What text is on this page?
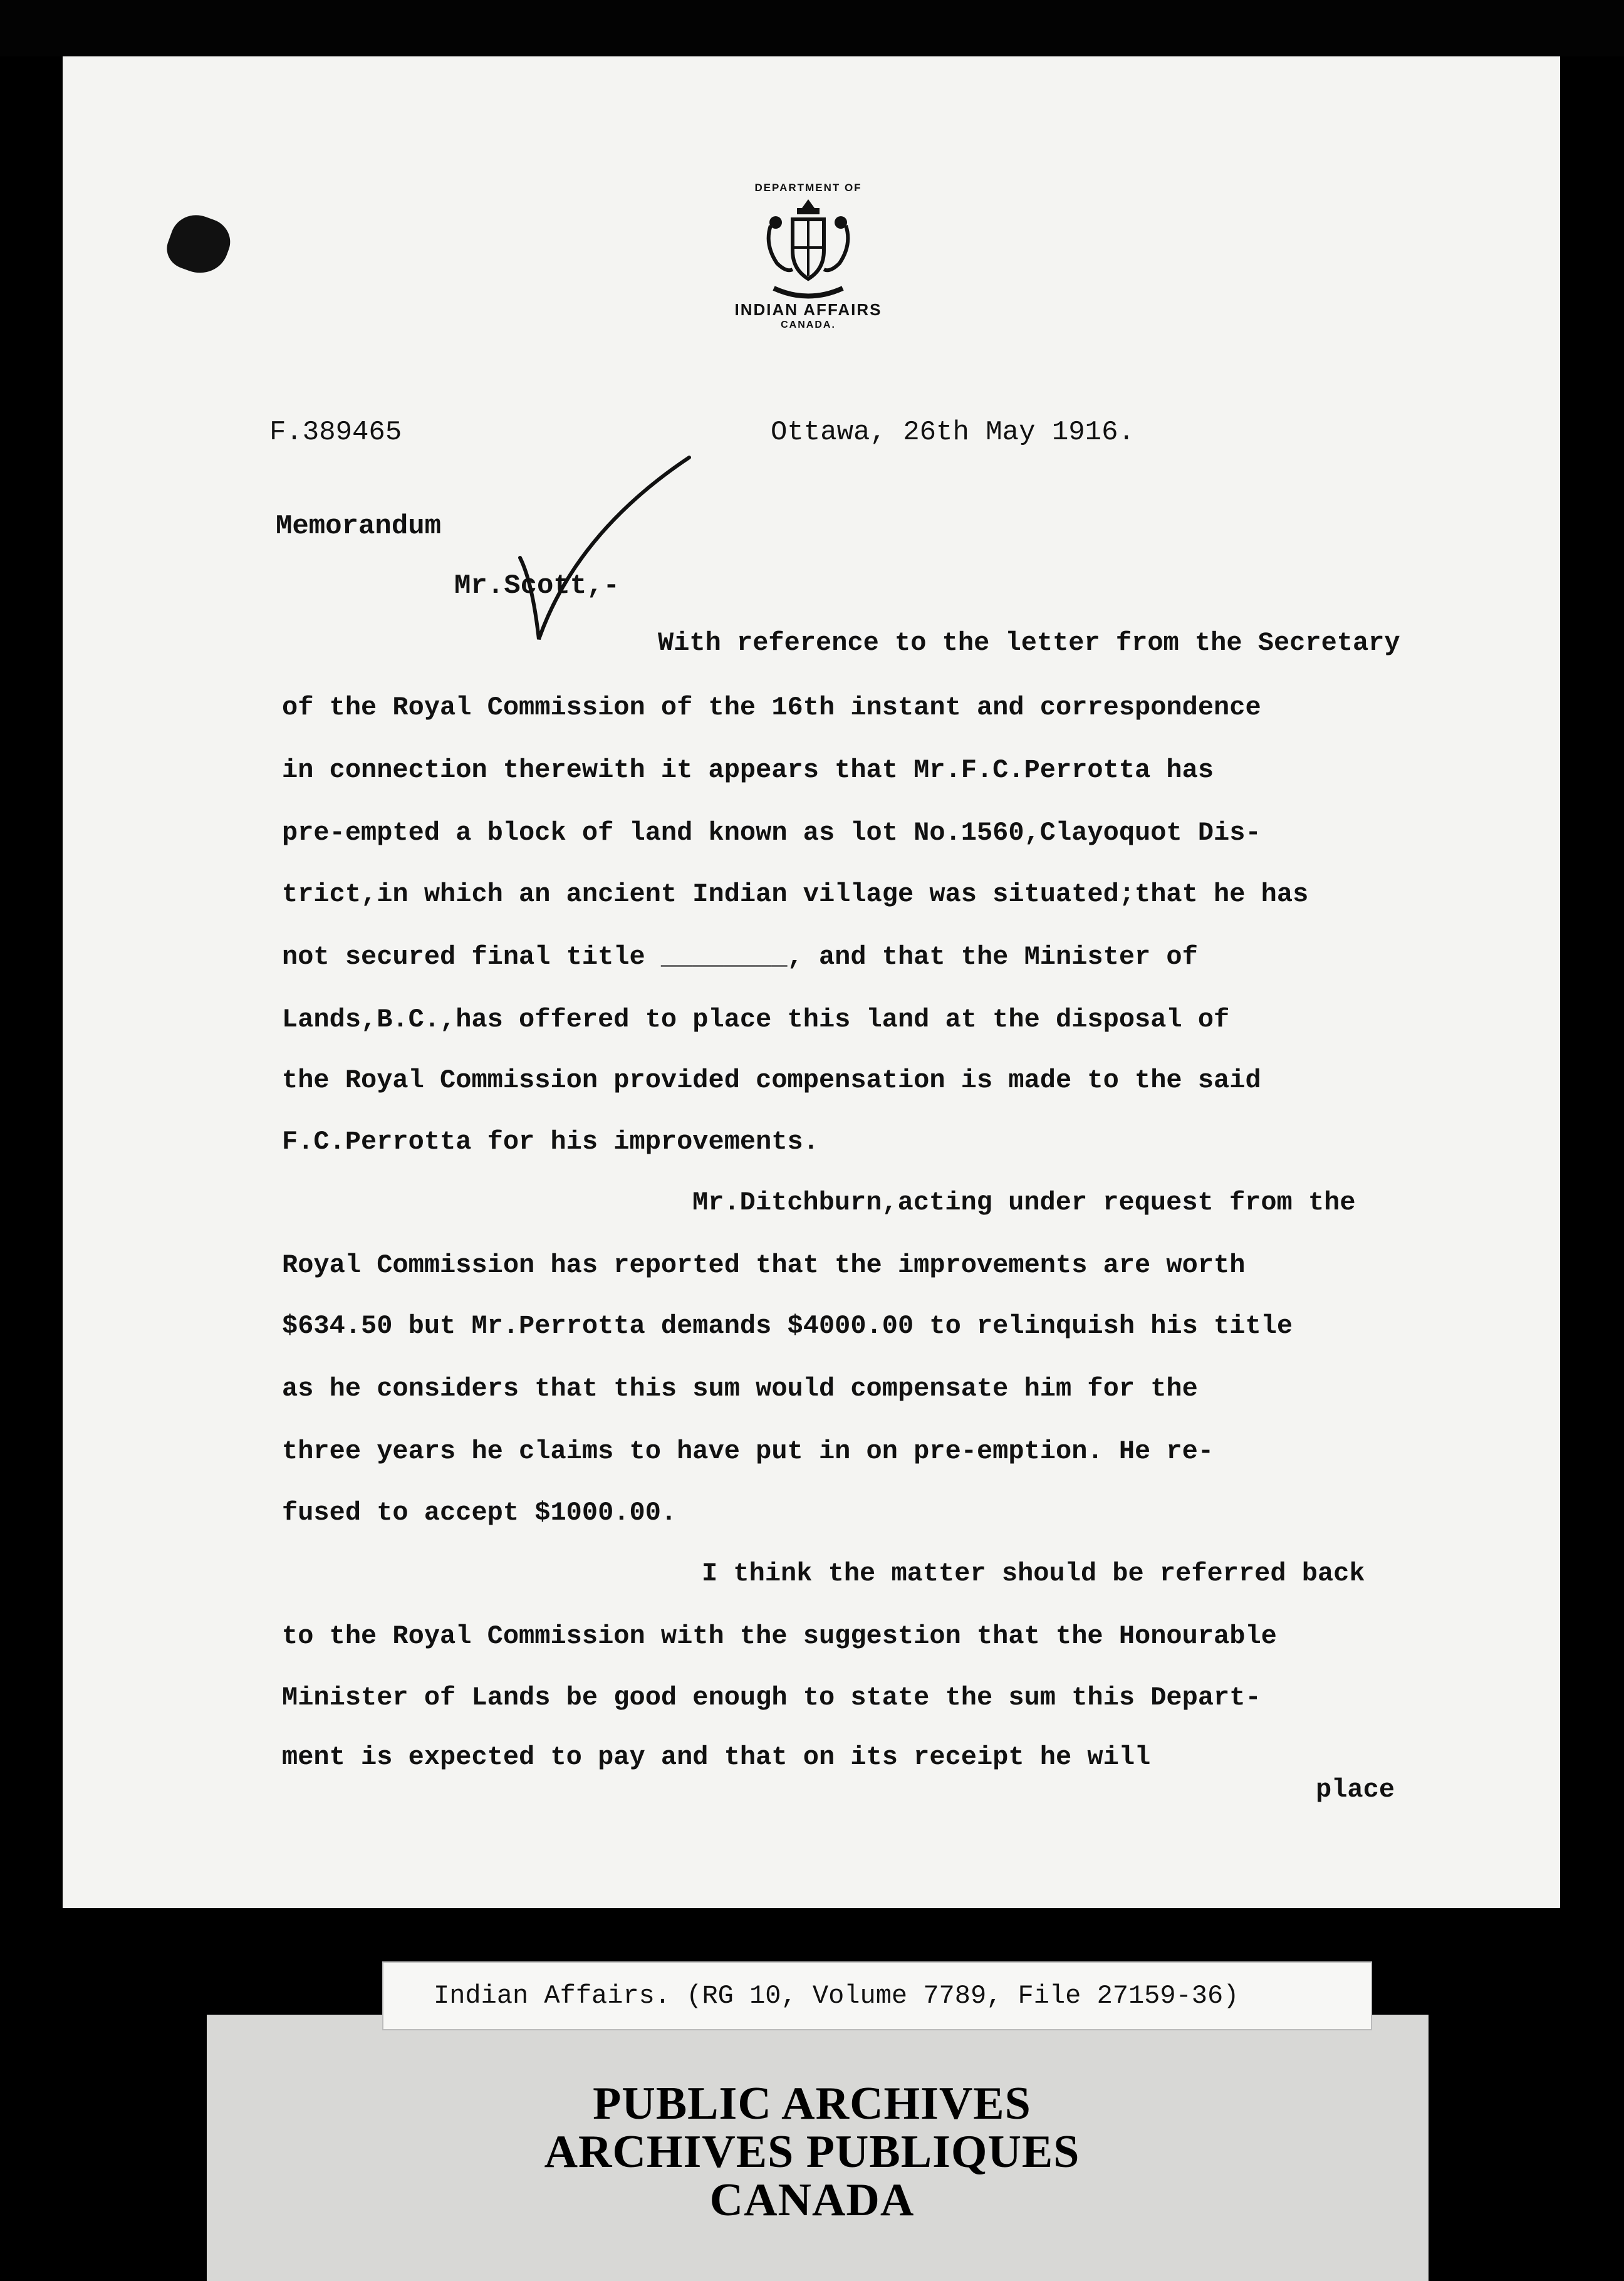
DEPARTMENT OF
INDIAN AFFAIRS
CANADA.
F.389465	Ottawa, 26th May 1916.
Memorandum
Mr.Scott,-
With reference to the letter from the Secretary
of the Royal Commission of the 16th instant and correspondence
in connection therewith it appears that Mr.F.C.Perrotta has
pre-empted a block of land known as lot No.1560,Clayoquot Dis-
trict,in which an ancient Indian village was situated;that he has
not secured final title ________, and that the Minister of
Lands,B.C.,has offered to place this land at the disposal of
the Royal Commission provided compensation is made to the said
F.C.Perrotta for his improvements.
Mr.Ditchburn,acting under request from the
Royal Commission has reported that the improvements are worth
$634.50 but Mr.Perrotta demands $4000.00 to relinquish his title
as he considers that this sum would compensate him for the
three years he claims to have put in on pre-emption. He re-
fused to accept $1000.00.
I think the matter should be referred back
to the Royal Commission with the suggestion that the Honourable
Minister of Lands be good enough to state the sum this Depart-
ment is expected to pay and that on its receipt he will
place
Indian Affairs. (RG 10, Volume 7789, File 27159-36)
PUBLIC ARCHIVES
ARCHIVES PUBLIQUES
CANADA
